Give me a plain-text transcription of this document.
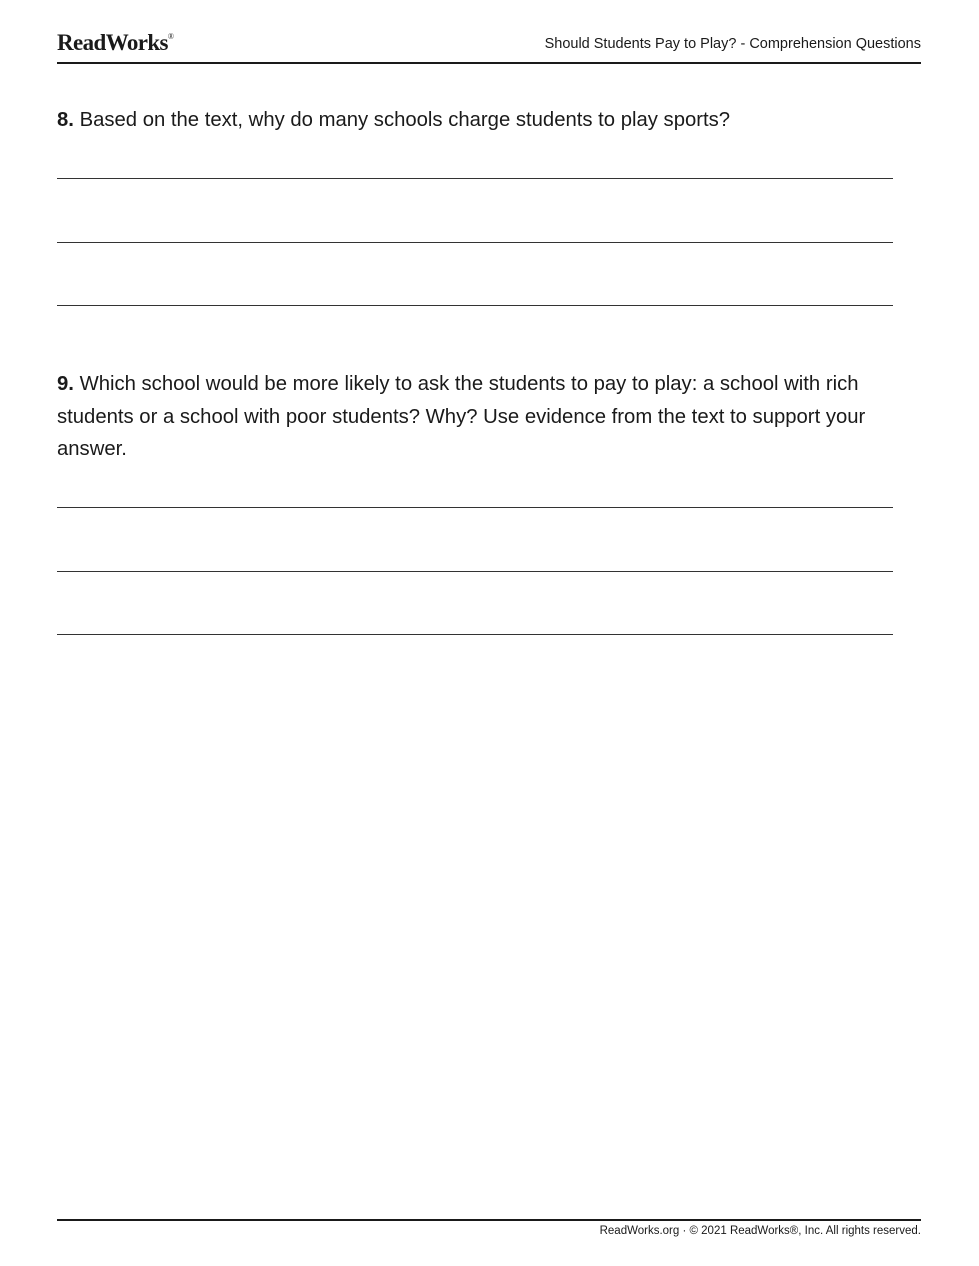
ReadWorks®	Should Students Pay to Play? - Comprehension Questions
8. Based on the text, why do many schools charge students to play sports?
9. Which school would be more likely to ask the students to pay to play: a school with rich students or a school with poor students? Why? Use evidence from the text to support your answer.
ReadWorks.org · © 2021 ReadWorks®, Inc. All rights reserved.
